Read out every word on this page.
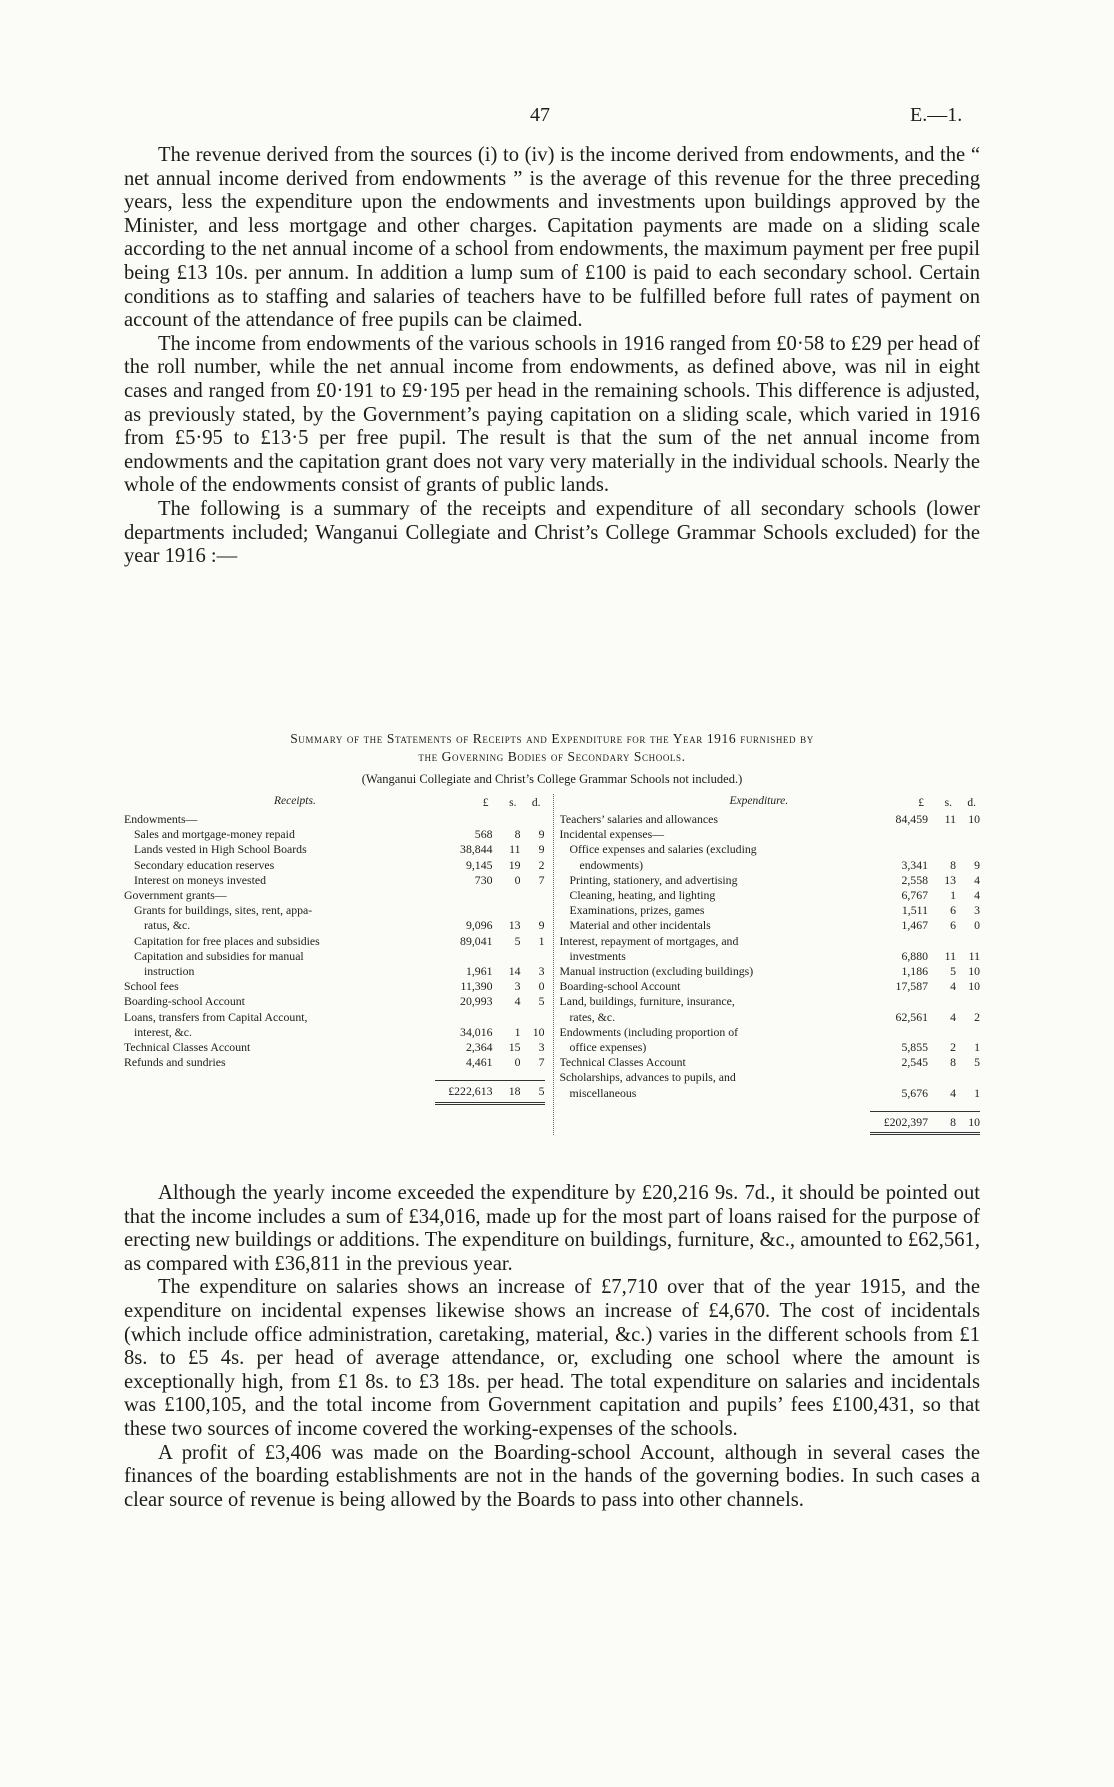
47	E.—1.

The revenue derived from the sources (i) to (iv) is the income derived from endowments, and the “ net annual income derived from endowments ” is the average of this revenue for the three preceding years, less the expenditure upon the endowments and investments upon buildings approved by the Minister, and less mortgage and other charges. Capitation payments are made on a sliding scale according to the net annual income of a school from endowments, the maximum payment per free pupil being £13 10s. per annum. In addition a lump sum of £100 is paid to each secondary school. Certain conditions as to staffing and salaries of teachers have to be fulfilled before full rates of payment on account of the attendance of free pupils can be claimed.

The income from endowments of the various schools in 1916 ranged from £0·58 to £29 per head of the roll number, while the net annual income from endowments, as defined above, was nil in eight cases and ranged from £0·191 to £9·195 per head in the remaining schools. This difference is adjusted, as previously stated, by the Government’s paying capitation on a sliding scale, which varied in 1916 from £5·95 to £13·5 per free pupil. The result is that the sum of the net annual income from endowments and the capitation grant does not vary very materially in the individual schools. Nearly the whole of the endowments consist of grants of public lands.

The following is a summary of the receipts and expenditure of all secondary schools (lower departments included; Wanganui Collegiate and Christ’s College Grammar Schools excluded) for the year 1916 :—

Summary of the Statements of Receipts and Expenditure for the Year 1916 furnished by

the Governing Bodies of Secondary Schools.

(Wanganui Collegiate and Christ’s College Grammar Schools not included.)

Receipts.	£ s. d.
Endowments—
Sales and mortgage-money repaid	568	8	9
Lands vested in High School Boards	38,844	11	9
Secondary education reserves	9,145	19	2
Interest on moneys invested	730	0	7
Government grants—
Grants for buildings, sites, rent, appa-
ratus, &c.	9,096	13	9
Capitation for free places and subsidies	89,041	5	1
Capitation and subsidies for manual
instruction	1,961	14	3
School fees	11,390	3	0
Boarding-school Account	20,993	4	5
Loans, transfers from Capital Account,
interest, &c.	34,016	1	10
Technical Classes Account	2,364	15	3
Refunds and sundries	4,461	0	7
£222,613	18	5
Expenditure.	£ s. d.
Teachers’ salaries and allowances	84,459	11	10
Incidental expenses—
Office expenses and salaries (excluding
endowments)	3,341	8	9
Printing, stationery, and advertising	2,558	13	4
Cleaning, heating, and lighting	6,767	1	4
Examinations, prizes, games	1,511	6	3
Material and other incidentals	1,467	6	0
Interest, repayment of mortgages, and
investments	6,880	11	11
Manual instruction (excluding buildings)	1,186	5	10
Boarding-school Account	17,587	4	10
Land, buildings, furniture, insurance,
rates, &c.	62,561	4	2
Endowments (including proportion of
office expenses)	5,855	2	1
Technical Classes Account	2,545	8	5
Scholarships, advances to pupils, and
miscellaneous	5,676	4	1
£202,397	8	10

Although the yearly income exceeded the expenditure by £20,216 9s. 7d., it should be pointed out that the income includes a sum of £34,016, made up for the most part of loans raised for the purpose of erecting new buildings or additions. The expenditure on buildings, furniture, &c., amounted to £62,561, as compared with £36,811 in the previous year.

The expenditure on salaries shows an increase of £7,710 over that of the year 1915, and the expenditure on incidental expenses likewise shows an increase of £4,670. The cost of incidentals (which include office administration, caretaking, material, &c.) varies in the different schools from £1 8s. to £5 4s. per head of average attendance, or, excluding one school where the amount is exceptionally high, from £1 8s. to £3 18s. per head. The total expenditure on salaries and incidentals was £100,105, and the total income from Government capitation and pupils’ fees £100,431, so that these two sources of income covered the working-expenses of the schools.

A profit of £3,406 was made on the Boarding-school Account, although in several cases the finances of the boarding establishments are not in the hands of the governing bodies. In such cases a clear source of revenue is being allowed by the Boards to pass into other channels.
